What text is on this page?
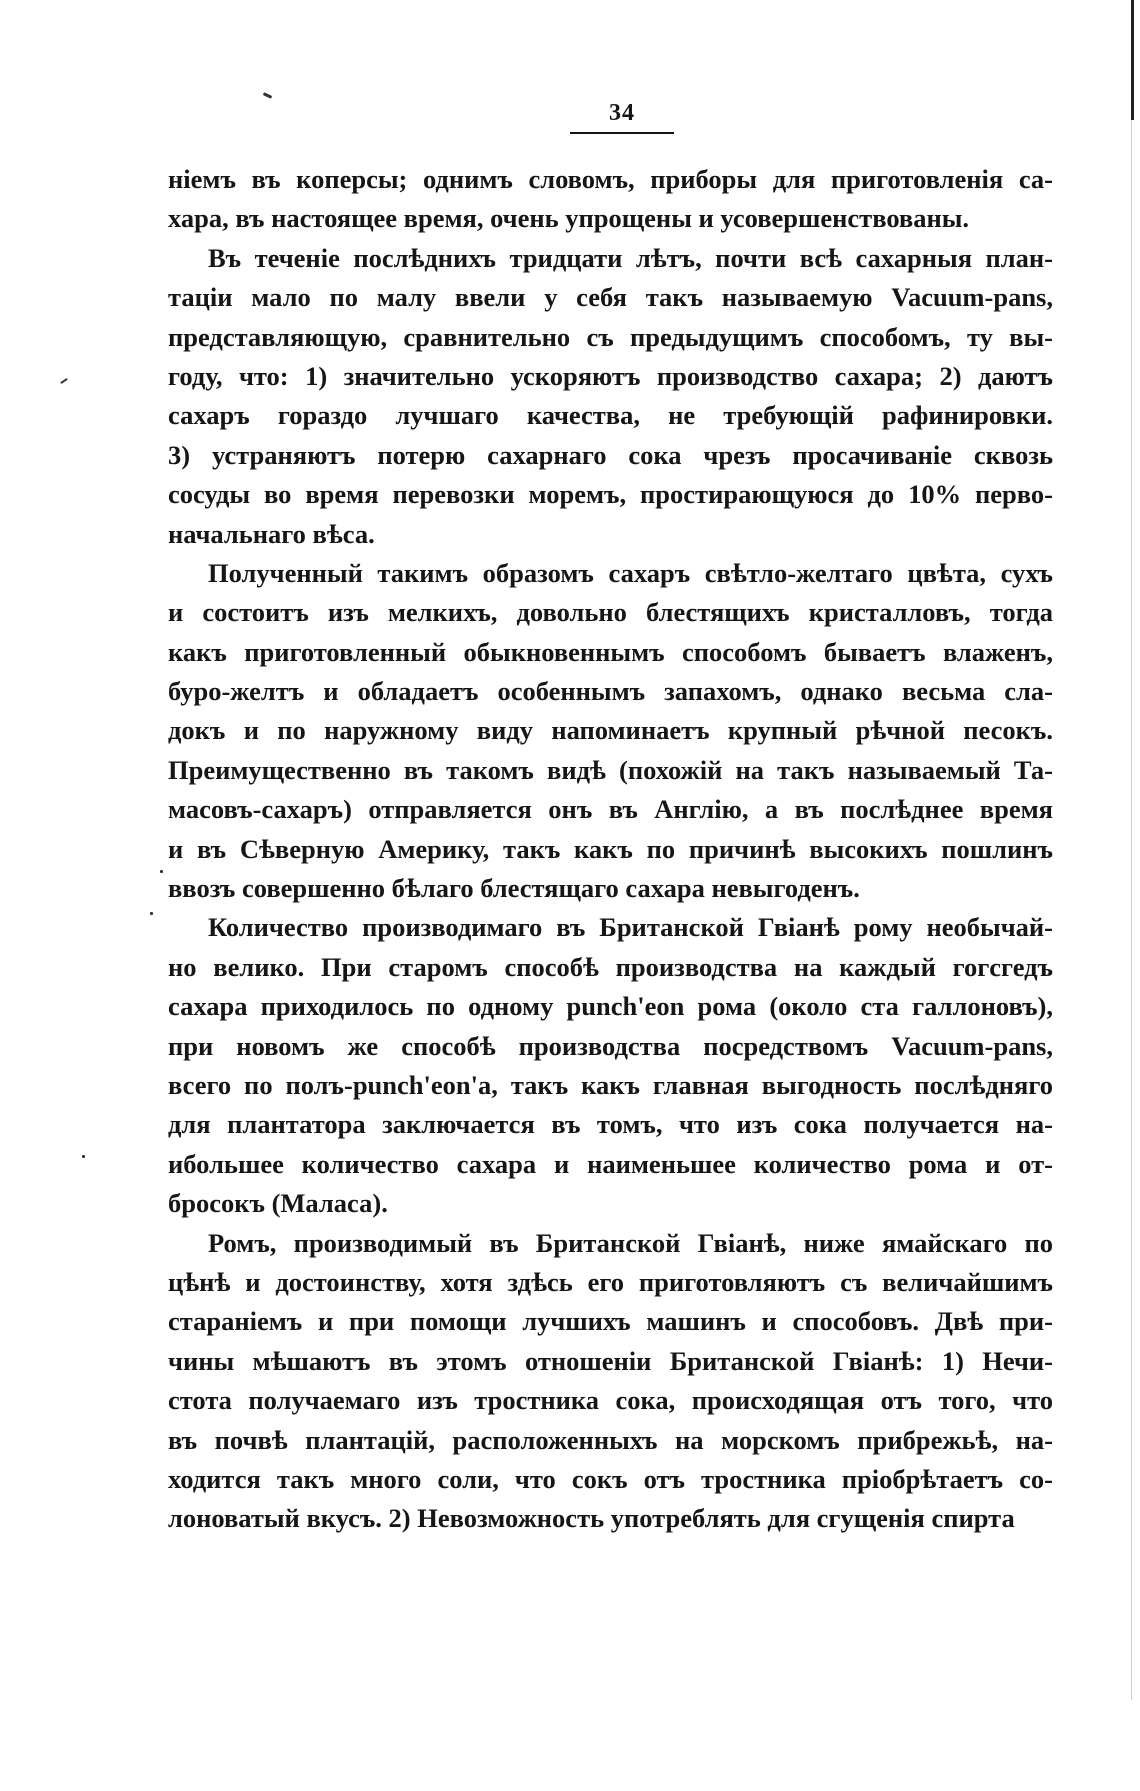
34
ніемъ въ коперсы; однимъ словомъ, приборы для приготовленія са-
хара, въ настоящее время, очень упрощены и усовершенствованы.
Въ теченіе послѣднихъ тридцати лѣтъ, почти всѣ сахарныя план-
таціи мало по малу ввели у себя такъ называемую Vacuum-pans,
представляющую, сравнительно съ предыдущимъ способомъ, ту вы-
году, что: 1) значительно ускоряютъ производство сахара; 2) даютъ
сахаръ гораздо лучшаго качества, не требующій рафинировки.
3) устраняютъ потерю сахарнаго сока чрезъ просачиваніе сквозь
сосуды во время перевозки моремъ, простирающуюся до 10% перво-
начальнаго вѣса.
Полученный такимъ образомъ сахаръ свѣтло-желтаго цвѣта, сухъ
и состоитъ изъ мелкихъ, довольно блестящихъ кристалловъ, тогда
какъ приготовленный обыкновеннымъ способомъ бываетъ влаженъ,
буро-желтъ и обладаетъ особеннымъ запахомъ, однако весьма сла-
докъ и по наружному виду напоминаетъ крупный рѣчной песокъ.
Преимущественно въ такомъ видѣ (похожій на такъ называемый Та-
масовъ-сахаръ) отправляется онъ въ Англію, а въ послѣднее время
и въ Сѣверную Америку, такъ какъ по причинѣ высокихъ пошлинъ
ввозъ совершенно бѣлаго блестящаго сахара невыгоденъ.
Количество производимаго въ Британской Гвіанѣ рому необычай-
но велико. При старомъ способѣ производства на каждый гогсгедъ
сахара приходилось по одному punch'eon рома (около ста галлоновъ),
при новомъ же способѣ производства посредствомъ Vacuum-pans,
всего по полъ-punch'eon'а, такъ какъ главная выгодность послѣдняго
для плантатора заключается въ томъ, что изъ сока получается на-
ибольшее количество сахара и наименьшее количество рома и от-
бросокъ (Маласа).
Ромъ, производимый въ Британской Гвіанѣ, ниже ямайскаго по
цѣнѣ и достоинству, хотя здѣсь его приготовляютъ съ величайшимъ
стараніемъ и при помощи лучшихъ машинъ и способовъ. Двѣ при-
чины мѣшаютъ въ этомъ отношеніи Британской Гвіанѣ: 1) Нечи-
стота получаемаго изъ тростника сока, происходящая отъ того, что
въ почвѣ плантацій, расположенныхъ на морскомъ прибрежьѣ, на-
ходится такъ много соли, что сокъ отъ тростника пріобрѣтаетъ со-
лоноватый вкусъ. 2) Невозможность употреблять для сгущенія спирта
